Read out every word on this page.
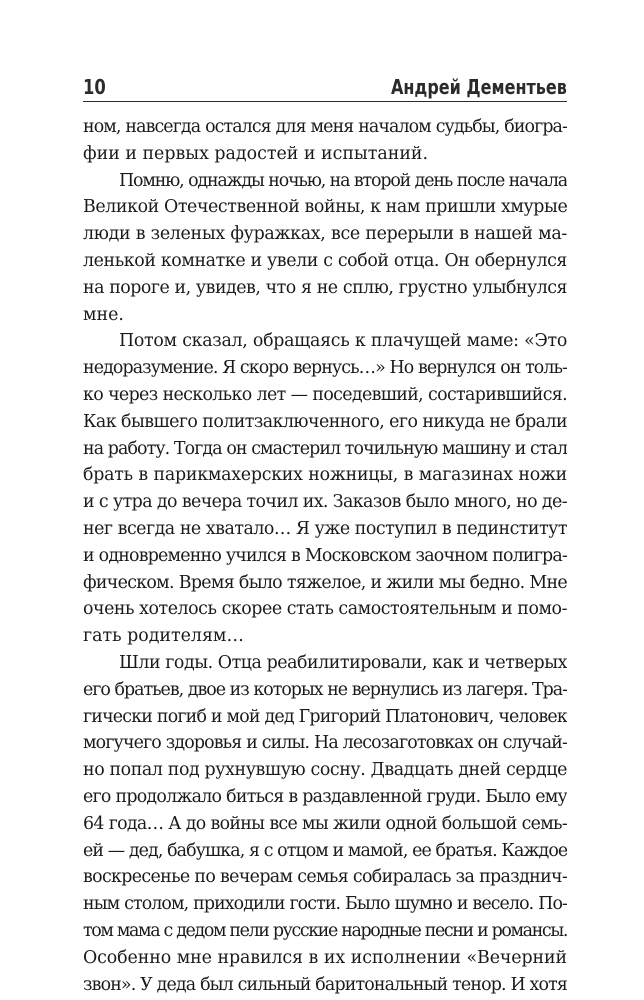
10	Андрей Дементьев
ном, навсегда остался для меня началом судьбы, биогра-
фии и первых радостей и испытаний.
Помню, однажды ночью, на второй день после начала
Великой Отечественной войны, к нам пришли хмурые
люди в зеленых фуражках, все перерыли в нашей ма-
ленькой комнатке и увели с собой отца. Он обернулся
на пороге и, увидев, что я не сплю, грустно улыбнулся
мне.
Потом сказал, обращаясь к плачущей маме: «Это
недоразумение. Я скоро вернусь…» Но вернулся он толь-
ко через несколько лет — поседевший, состарившийся.
Как бывшего политзаключенного, его никуда не брали
на работу. Тогда он смастерил точильную машину и стал
брать в парикмахерских ножницы, в магазинах ножи
и с утра до вечера точил их. Заказов было много, но де-
нег всегда не хватало… Я уже поступил в пединститут
и одновременно учился в Московском заочном полигра-
фическом. Время было тяжелое, и жили мы бедно. Мне
очень хотелось скорее стать самостоятельным и помо-
гать родителям…
Шли годы. Отца реабилитировали, как и четверых
его братьев, двое из которых не вернулись из лагеря. Тра-
гически погиб и мой дед Григорий Платонович, человек
могучего здоровья и силы. На лесозаготовках он случай-
но попал под рухнувшую сосну. Двадцать дней сердце
его продолжало биться в раздавленной груди. Было ему
64 года… А до войны все мы жили одной большой семь-
ей — дед, бабушка, я с отцом и мамой, ее братья. Каждое
воскресенье по вечерам семья собиралась за празднич-
ным столом, приходили гости. Было шумно и весело. По-
том мама с дедом пели русские народные песни и романсы.
Особенно мне нравился в их исполнении «Вечерний
звон». У деда был сильный баритональный тенор. И хотя
